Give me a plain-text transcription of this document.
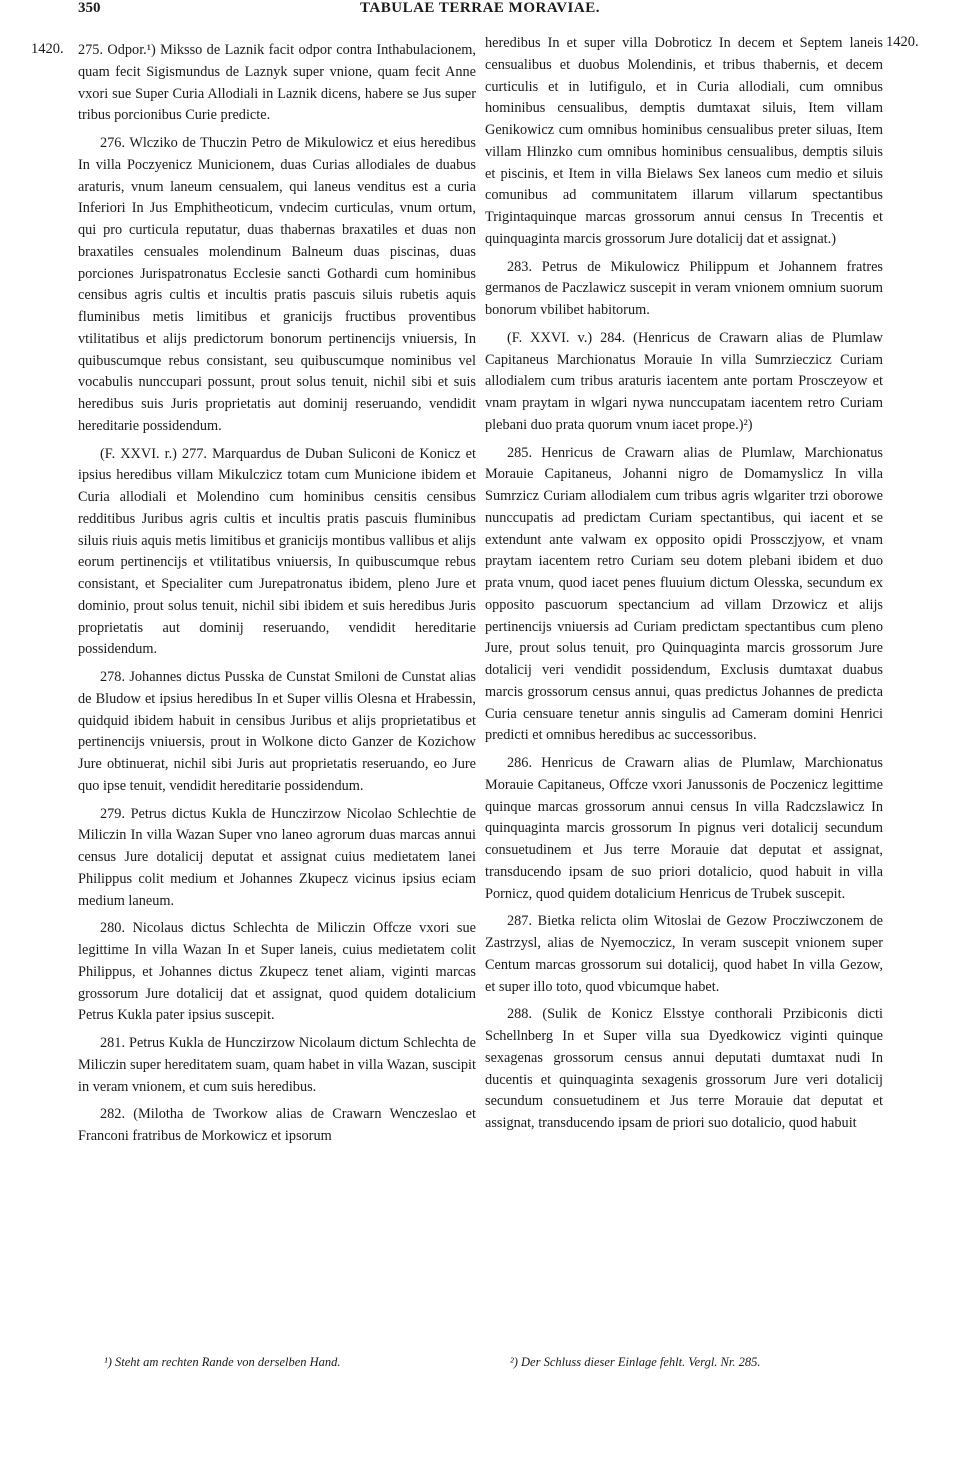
350	TABULAE TERRAE MORAVIAE.
1420.	1420.

275. Odpor.¹) Miksso de Laznik facit odpor contra Inthabulacionem, quam fecit Sigismundus de Laznyk super vnione, quam fecit Anne vxori sue Super Curia Allodiali in Laznik dicens, habere se Jus super tribus porcionibus Curie predicte.

276. Wlcziko de Thuczin Petro de Mikulowicz et eius heredibus In villa Poczyenicz Municionem, duas Curias allodiales de duabus araturis, vnum laneum censualem, qui laneus venditus est a curia Inferiori In Jus Emphitheoticum, vndecim curticulas, vnum ortum, qui pro curticula reputatur, duas thabernas braxatiles et duas non braxatiles censuales molendinum Balneum duas piscinas, duas porciones Jurispatronatus Ecclesie sancti Gothardi cum hominibus censibus agris cultis et incultis pratis pascuis siluis rubetis aquis fluminibus metis limitibus et granicijs fructibus proventibus vtilitatibus et alijs predictorum bonorum pertinencijs vniuersis, In quibuscumque rebus consistant, seu quibuscumque nominibus vel vocabulis nunccupari possunt, prout solus tenuit, nichil sibi et suis heredibus suis Juris proprietatis aut dominij reseruando, vendidit hereditarie possidendum.

(F. XXVI. r.) 277. Marquardus de Duban Suliconi de Konicz et ipsius heredibus villam Mikulczicz totam cum Municione ibidem et Curia allodiali et Molendino cum hominibus censitis censibus redditibus Juribus agris cultis et incultis pratis pascuis fluminibus siluis riuis aquis metis limitibus et granicijs montibus vallibus et alijs eorum pertinencijs et vtilitatibus vniuersis, In quibuscumque rebus consistant, et Specialiter cum Jurepatronatus ibidem, pleno Jure et dominio, prout solus tenuit, nichil sibi ibidem et suis heredibus Juris proprietatis aut dominij reseruando, vendidit hereditarie possidendum.

278. Johannes dictus Pusska de Cunstat Smiloni de Cunstat alias de Bludow et ipsius heredibus In et Super villis Olesna et Hrabessin, quidquid ibidem habuit in censibus Juribus et alijs proprietatibus et pertinencijs vniuersis, prout in Wolkone dicto Ganzer de Kozichow Jure obtinuerat, nichil sibi Juris aut proprietatis reseruando, eo Jure quo ipse tenuit, vendidit hereditarie possidendum.

279. Petrus dictus Kukla de Hunczirzow Nicolao Schlechtie de Miliczin In villa Wazan Super vno laneo agrorum duas marcas annui census Jure dotalicij deputat et assignat cuius medietatem lanei Philippus colit medium et Johannes Zkupecz vicinus ipsius eciam medium laneum.

280. Nicolaus dictus Schlechta de Miliczin Offcze vxori sue legittime In villa Wazan In et Super laneis, cuius medietatem colit Philippus, et Johannes dictus Zkupecz tenet aliam, viginti marcas grossorum Jure dotalicij dat et assignat, quod quidem dotalicium Petrus Kukla pater ipsius suscepit.

281. Petrus Kukla de Hunczirzow Nicolaum dictum Schlechta de Miliczin super hereditatem suam, quam habet in villa Wazan, suscipit in veram vnionem, et cum suis heredibus.

282. (Milotha de Tworkow alias de Crawarn Wenczeslao et Franconi fratribus de Morkowicz et ipsorum

heredibus In et super villa Dobroticz In decem et Septem laneis censualibus et duobus Molendinis, et tribus thabernis, et decem curticulis et in lutifigulo, et in Curia allodiali, cum omnibus hominibus censualibus, demptis dumtaxat siluis, Item villam Genikowicz cum omnibus hominibus censualibus preter siluas, Item villam Hlinzko cum omnibus hominibus censualibus, demptis siluis et piscinis, et Item in villa Bielaws Sex laneos cum medio et siluis comunibus ad communitatem illarum villarum spectantibus Trigintaquinque marcas grossorum annui census In Trecentis et quinquaginta marcis grossorum Jure dotalicij dat et assignat.)

283. Petrus de Mikulowicz Philippum et Johannem fratres germanos de Paczlawicz suscepit in veram vnionem omnium suorum bonorum vbilibet habitorum.

(F. XXVI. v.) 284. (Henricus de Crawarn alias de Plumlaw Capitaneus Marchionatus Morauie In villa Sumrzieczicz Curiam allodialem cum tribus araturis iacentem ante portam Prosczeyow et vnam praytam in wlgari nywa nunccupatam iacentem retro Curiam plebani duo prata quorum vnum iacet prope.)²)

285. Henricus de Crawarn alias de Plumlaw, Marchionatus Morauie Capitaneus, Johanni nigro de Domamyslicz In villa Sumrzicz Curiam allodialem cum tribus agris wlgariter trzi oborowe nunccupatis ad predictam Curiam spectantibus, qui iacent et se extendunt ante valwam ex opposito opidi Prossczjyow, et vnam praytam iacentem retro Curiam seu dotem plebani ibidem et duo prata vnum, quod iacet penes fluuium dictum Olesska, secundum ex opposito pascuorum spectancium ad villam Drzowicz et alijs pertinencijs vniuersis ad Curiam predictam spectantibus cum pleno Jure, prout solus tenuit, pro Quinquaginta marcis grossorum Jure dotalicij veri vendidit possidendum, Exclusis dumtaxat duabus marcis grossorum census annui, quas predictus Johannes de predicta Curia censuare tenetur annis singulis ad Cameram domini Henrici predicti et omnibus heredibus ac successoribus.

286. Henricus de Crawarn alias de Plumlaw, Marchionatus Morauie Capitaneus, Offcze vxori Janussonis de Poczenicz legittime quinque marcas grossorum annui census In villa Radczslawicz In quinquaginta marcis grossorum In pignus veri dotalicij secundum consuetudinem et Jus terre Morauie dat deputat et assignat, transducendo ipsam de suo priori dotalicio, quod habuit in villa Pornicz, quod quidem dotalicium Henricus de Trubek suscepit.

287. Bietka relicta olim Witoslai de Gezow Procziwczonem de Zastrzysl, alias de Nyemoczicz, In veram suscepit vnionem super Centum marcas grossorum sui dotalicij, quod habet In villa Gezow, et super illo toto, quod vbicumque habet.

288. (Sulik de Konicz Elsstye conthorali Przibiconis dicti Schellnberg In et Super villa sua Dyedkowicz viginti quinque sexagenas grossorum census annui deputati dumtaxat nudi In ducentis et quinquaginta sexagenis grossorum Jure veri dotalicij secundum consuetudinem et Jus terre Morauie dat deputat et assignat, transducendo ipsam de priori suo dotalicio, quod habuit

¹) Steht am rechten Rande von derselben Hand.	²) Der Schluss dieser Einlage fehlt. Vergl. Nr. 285.
